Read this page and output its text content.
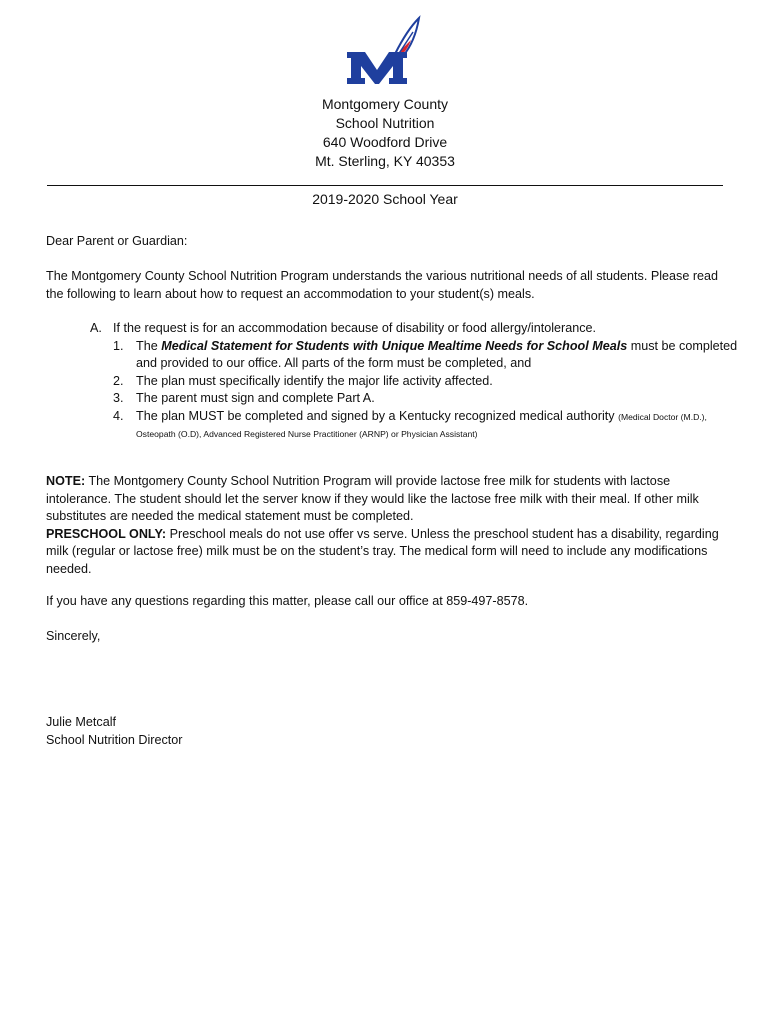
Montgomery County
School Nutrition
640 Woodford Drive
Mt. Sterling, KY 40353
2019-2020 School Year
Dear Parent or Guardian:
The Montgomery County School Nutrition Program understands the various nutritional needs of all students. Please read the following to learn about how to request an accommodation to your student(s) meals.
A. If the request is for an accommodation because of disability or food allergy/intolerance.
1. The Medical Statement for Students with Unique Mealtime Needs for School Meals must be completed and provided to our office. All parts of the form must be completed, and
2. The plan must specifically identify the major life activity affected.
3. The parent must sign and complete Part A.
4. The plan MUST be completed and signed by a Kentucky recognized medical authority (Medical Doctor (M.D.), Osteopath (O.D), Advanced Registered Nurse Practitioner (ARNP) or Physician Assistant)
NOTE: The Montgomery County School Nutrition Program will provide lactose free milk for students with lactose intolerance. The student should let the server know if they would like the lactose free milk with their meal. If other milk substitutes are needed the medical statement must be completed.
PRESCHOOL ONLY: Preschool meals do not use offer vs serve. Unless the preschool student has a disability, regarding milk (regular or lactose free) milk must be on the student’s tray. The medical form will need to include any modifications needed.
If you have any questions regarding this matter, please call our office at 859-497-8578.
Sincerely,
Julie Metcalf
School Nutrition Director
